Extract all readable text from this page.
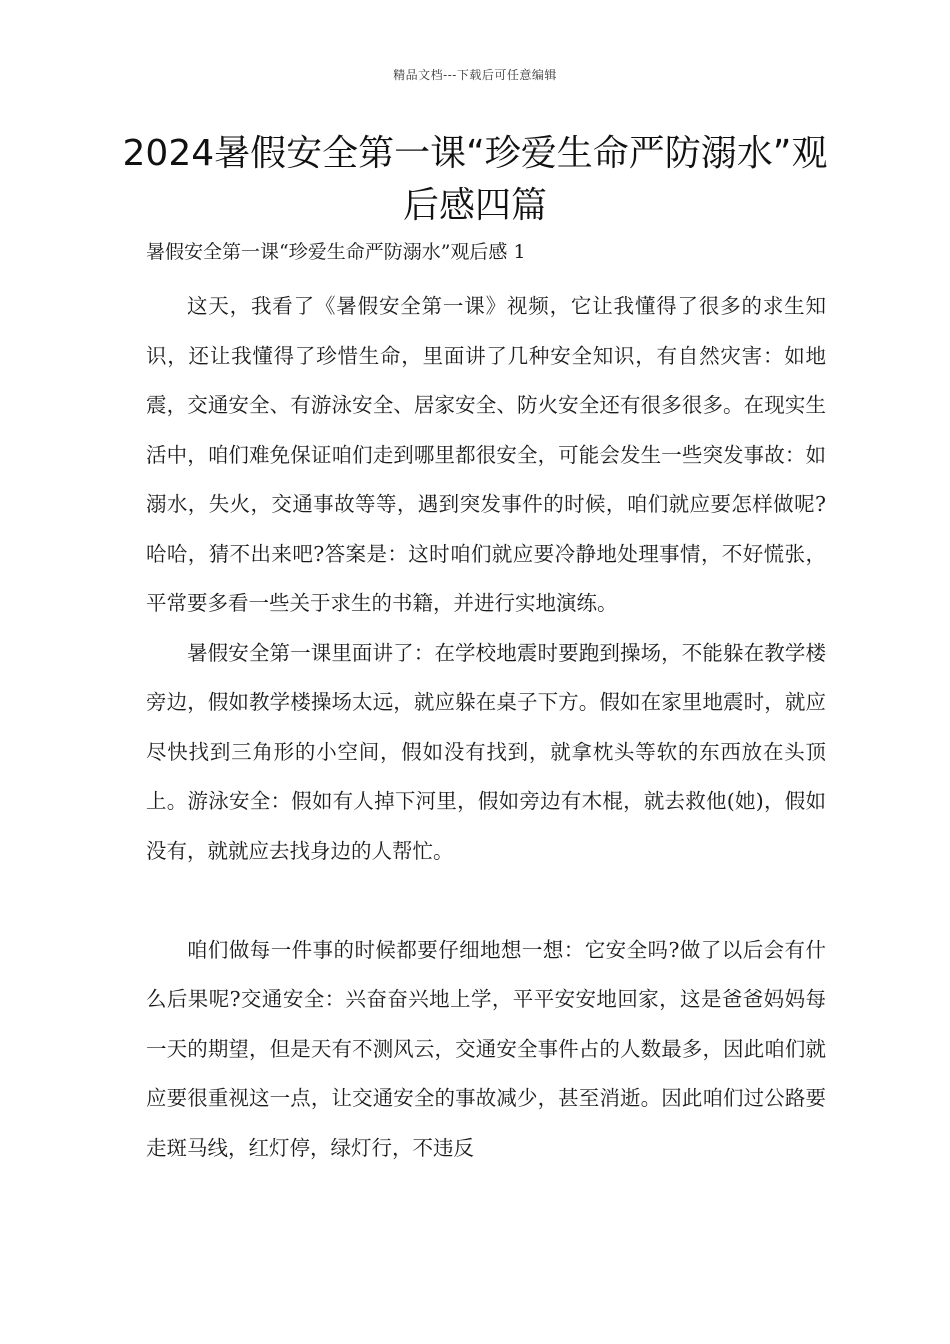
精品文档---下载后可任意编辑
2024暑假安全第一课“珍爱生命严防溺水”观后感四篇
暑假安全第一课“珍爱生命严防溺水”观后感 1

这天，我看了《暑假安全第一课》视频，它让我懂得了很多的求生知识，还让我懂得了珍惜生命，里面讲了几种安全知识，有自然灾害：如地震，交通安全、有游泳安全、居家安全、防火安全还有很多很多。在现实生活中，咱们难免保证咱们走到哪里都很安全，可能会发生一些突发事故：如溺水，失火，交通事故等等，遇到突发事件的时候，咱们就应要怎样做呢?哈哈，猜不出来吧?答案是：这时咱们就应要冷静地处理事情，不好慌张，平常要多看一些关于求生的书籍，并进行实地演练。

暑假安全第一课里面讲了：在学校地震时要跑到操场，不能躲在教学楼旁边，假如教学楼操场太远，就应躲在桌子下方。假如在家里地震时，就应尽快找到三角形的小空间，假如没有找到，就拿枕头等软的东西放在头顶上。游泳安全：假如有人掉下河里，假如旁边有木棍，就去救他(她)，假如没有，就就应去找身边的人帮忙。

咱们做每一件事的时候都要仔细地想一想：它安全吗?做了以后会有什么后果呢?交通安全：兴奋奋兴地上学，平平安安地回家，这是爸爸妈妈每一天的期望，但是天有不测风云，交通安全事件占的人数最多，因此咱们就应要很重视这一点，让交通安全的事故减少，甚至消逝。因此咱们过公路要走斑马线，红灯停，绿灯行，不违反
